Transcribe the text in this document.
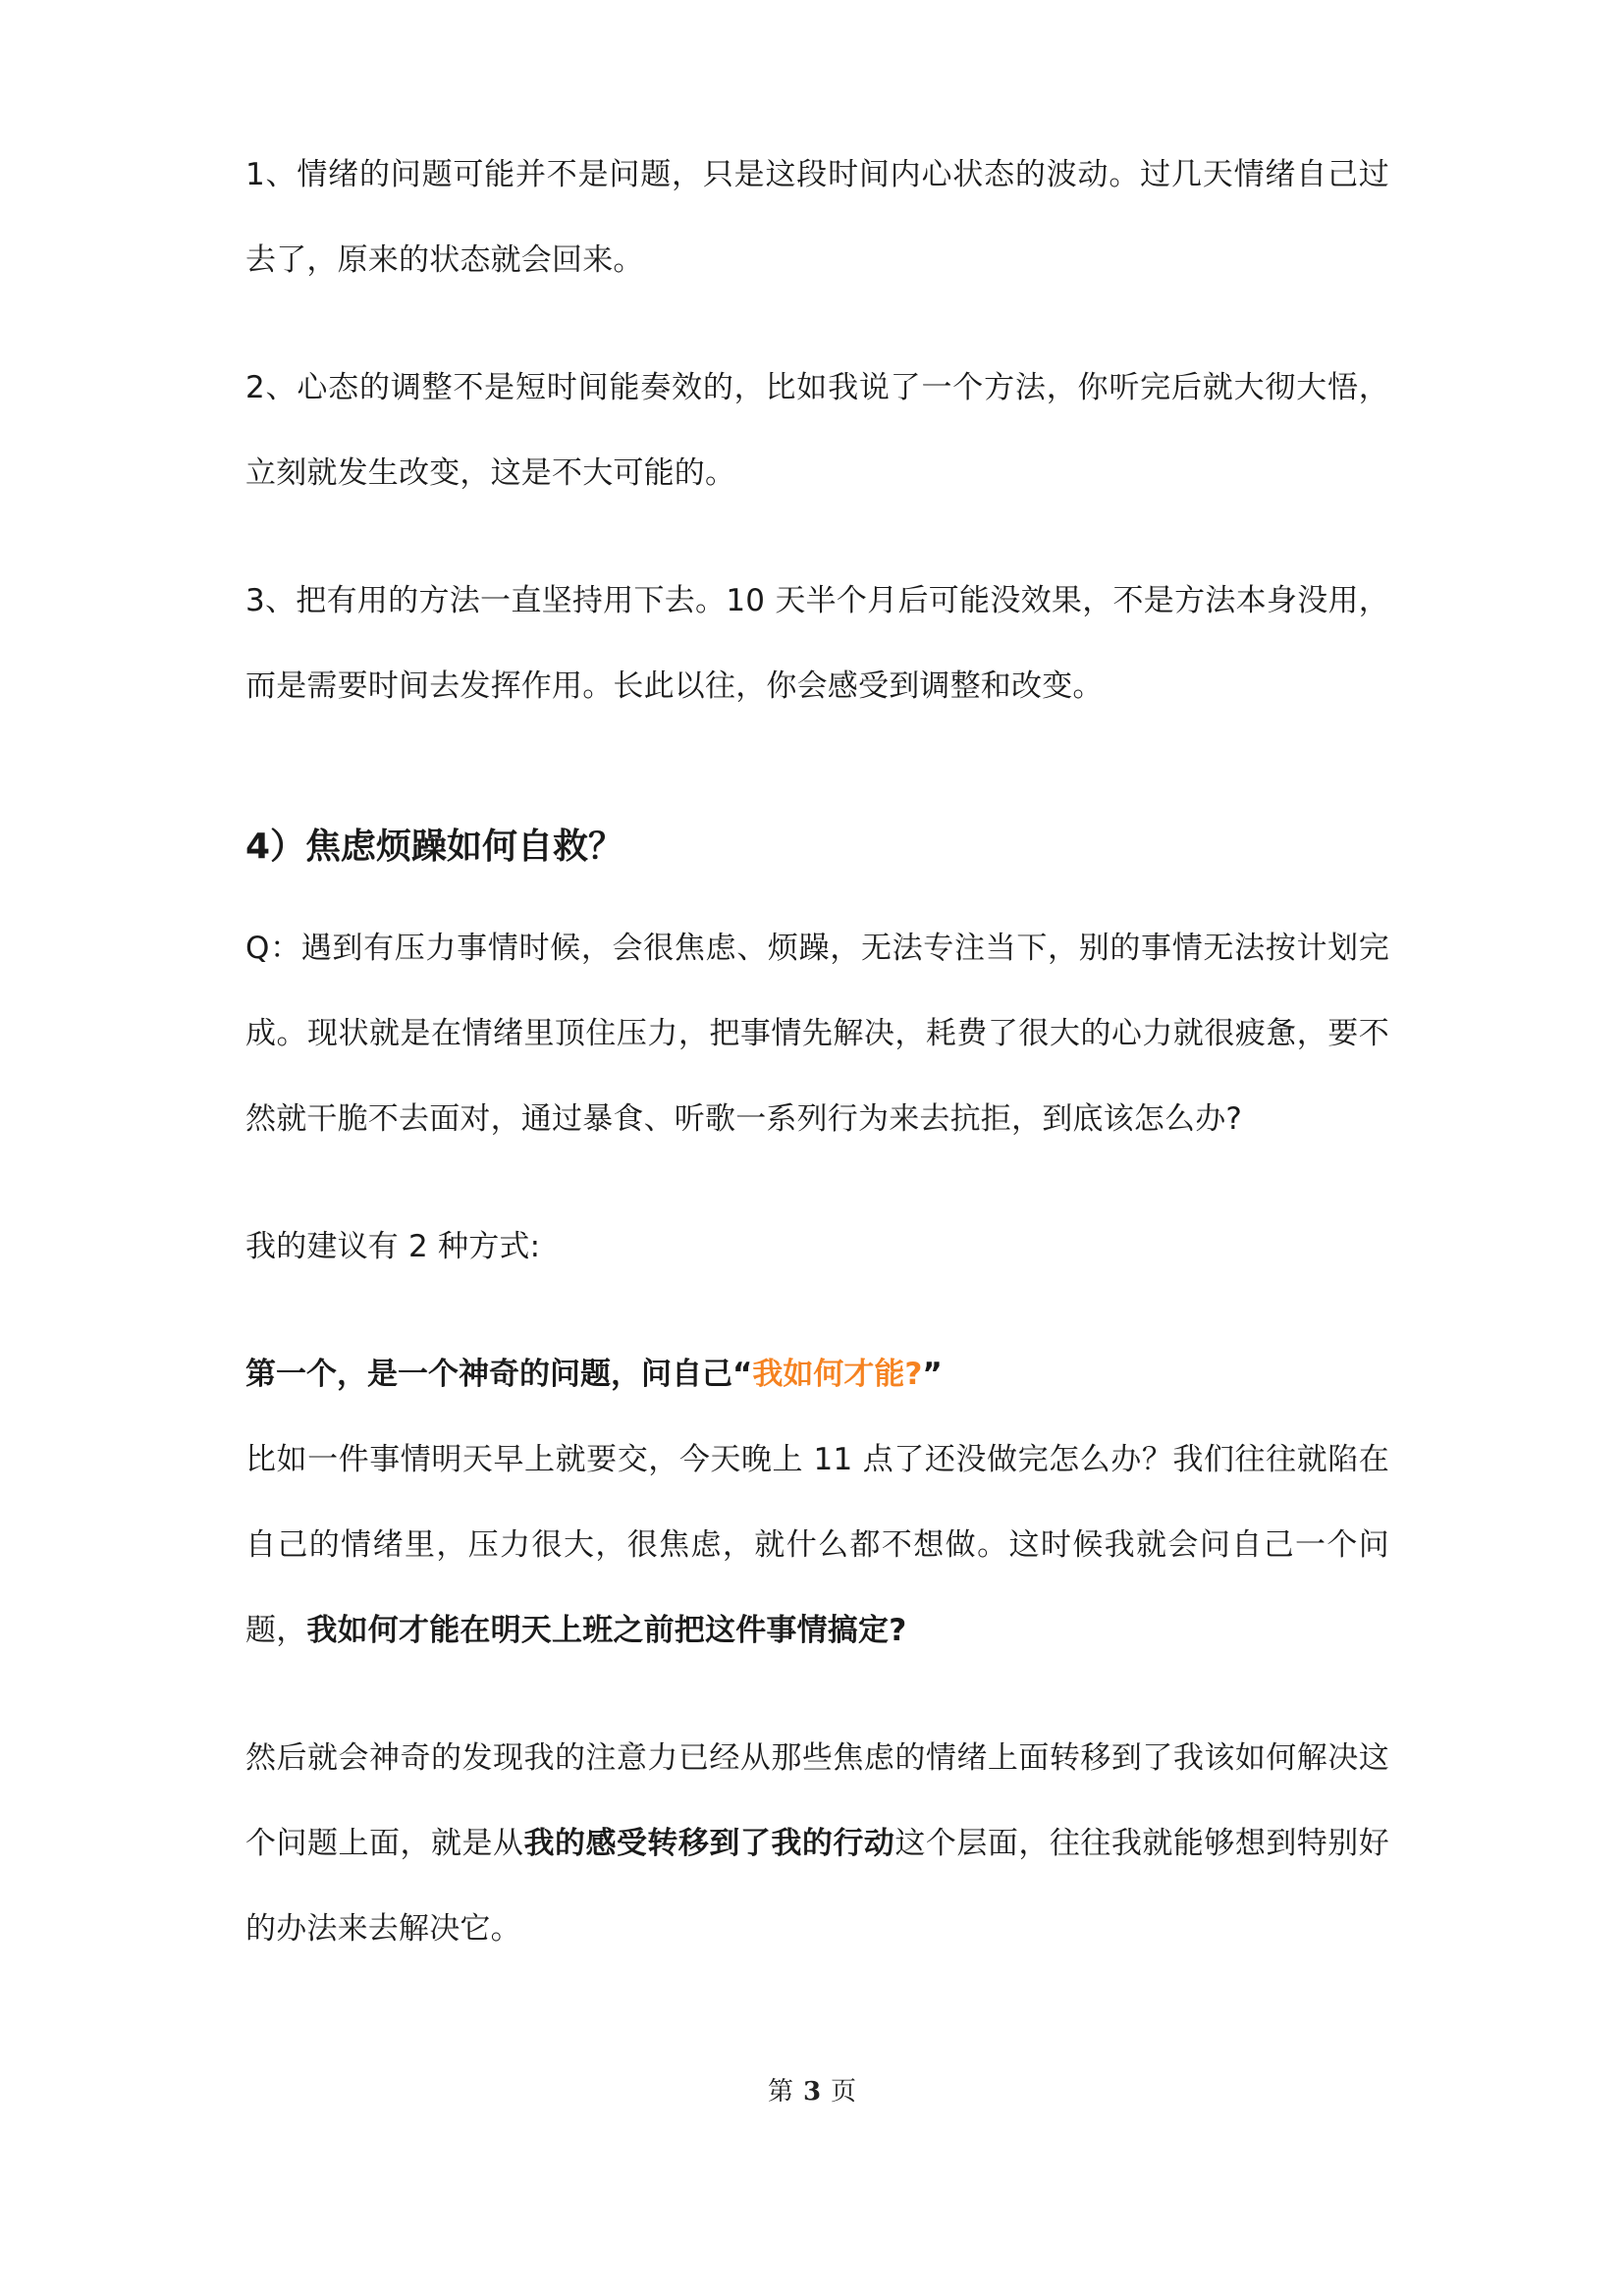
1、情绪的问题可能并不是问题，只是这段时间内心状态的波动。过几天情绪自己过去了，原来的状态就会回来。

2、心态的调整不是短时间能奏效的，比如我说了一个方法，你听完后就大彻大悟，立刻就发生改变，这是不大可能的。

3、把有用的方法一直坚持用下去。10 天半个月后可能没效果，不是方法本身没用，而是需要时间去发挥作用。长此以往，你会感受到调整和改变。

4）焦虑烦躁如何自救？

Q：遇到有压力事情时候，会很焦虑、烦躁，无法专注当下，别的事情无法按计划完成。现状就是在情绪里顶住压力，把事情先解决，耗费了很大的心力就很疲惫，要不然就干脆不去面对，通过暴食、听歌一系列行为来去抗拒，到底该怎么办?

我的建议有 2 种方式:

第一个，是一个神奇的问题，问自己“我如何才能?”

比如一件事情明天早上就要交，今天晚上 11 点了还没做完怎么办？我们往往就陷在自己的情绪里，压力很大，很焦虑，就什么都不想做。这时候我就会问自己一个问题，我如何才能在明天上班之前把这件事情搞定?

然后就会神奇的发现我的注意力已经从那些焦虑的情绪上面转移到了我该如何解决这个问题上面，就是从我的感受转移到了我的行动这个层面，往往我就能够想到特别好的办法来去解决它。

第 3 页
